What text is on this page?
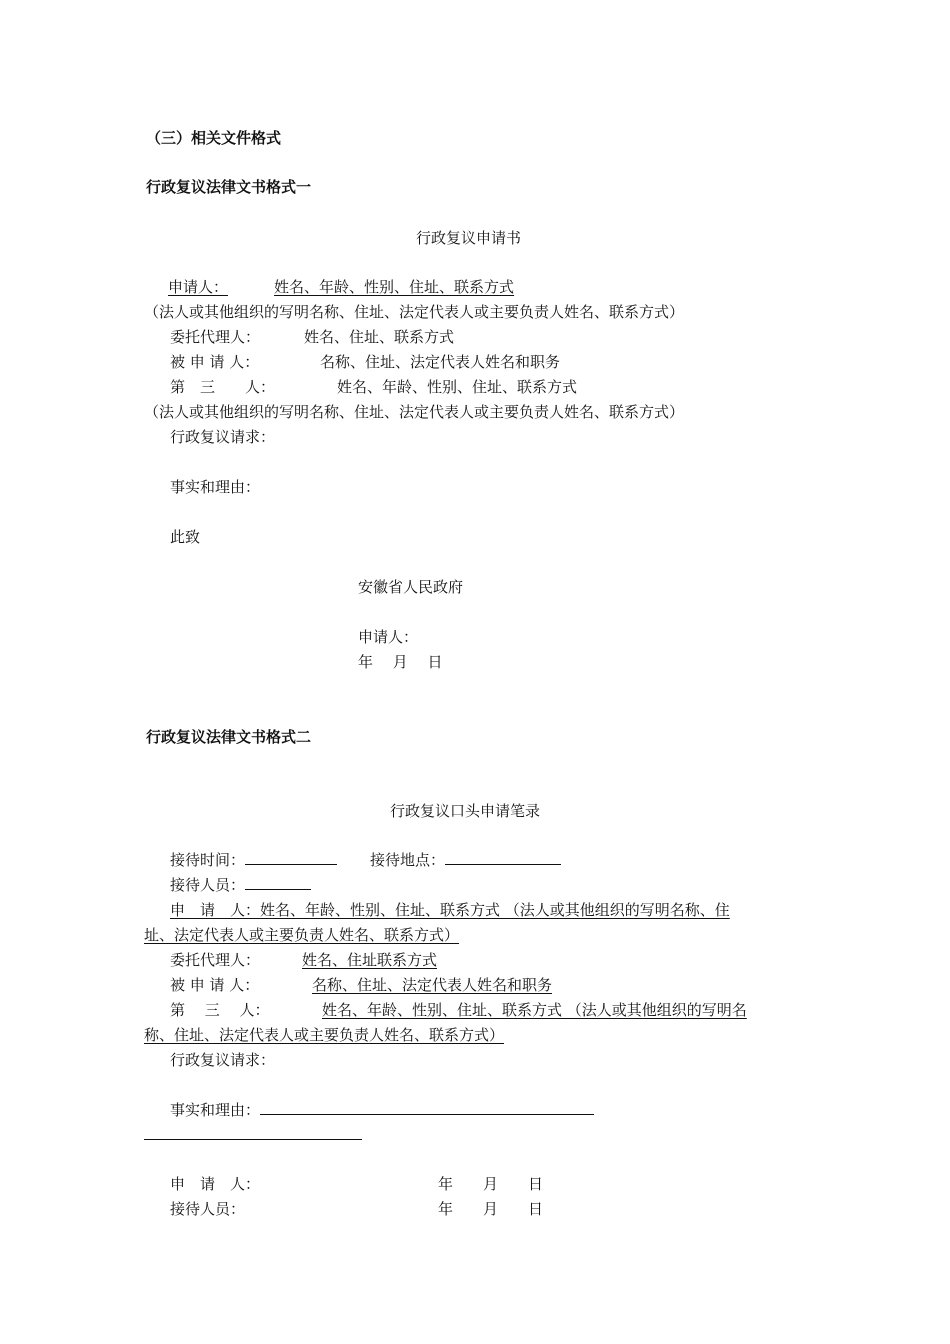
（三）相关文件格式
行政复议法律文书格式一
行政复议申请书
申请人：	姓名、年龄、性别、住址、联系方式
（法人或其他组织的写明名称、住址、法定代表人或主要负责人姓名、联系方式）
委托代理人：	姓名、住址、联系方式
被 申 请 人：	名称、住址、法定代表人姓名和职务
第　三　　人：	姓名、年龄、性别、住址、联系方式
（法人或其他组织的写明名称、住址、法定代表人或主要负责人姓名、联系方式）
行政复议请求：
事实和理由：
此致
安徽省人民政府
申请人：
年　 月　 日
行政复议法律文书格式二
行政复议口头申请笔录
接待时间：	接待地点：
接待人员：
申　请　人：姓名、年龄、性别、住址、联系方式 （法人或其他组织的写明名称、住
址、法定代表人或主要负责人姓名、联系方式）
委托代理人：	姓名、住址联系方式
被 申 请 人：	名称、住址、法定代表人姓名和职务
第　 三 　人：	姓名、年龄、性别、住址、联系方式 （法人或其他组织的写明名
称、住址、法定代表人或主要负责人姓名、联系方式）
行政复议请求：
事实和理由：
申　请　人：	年　　月　　日
接待人员：	年　　月　　日
